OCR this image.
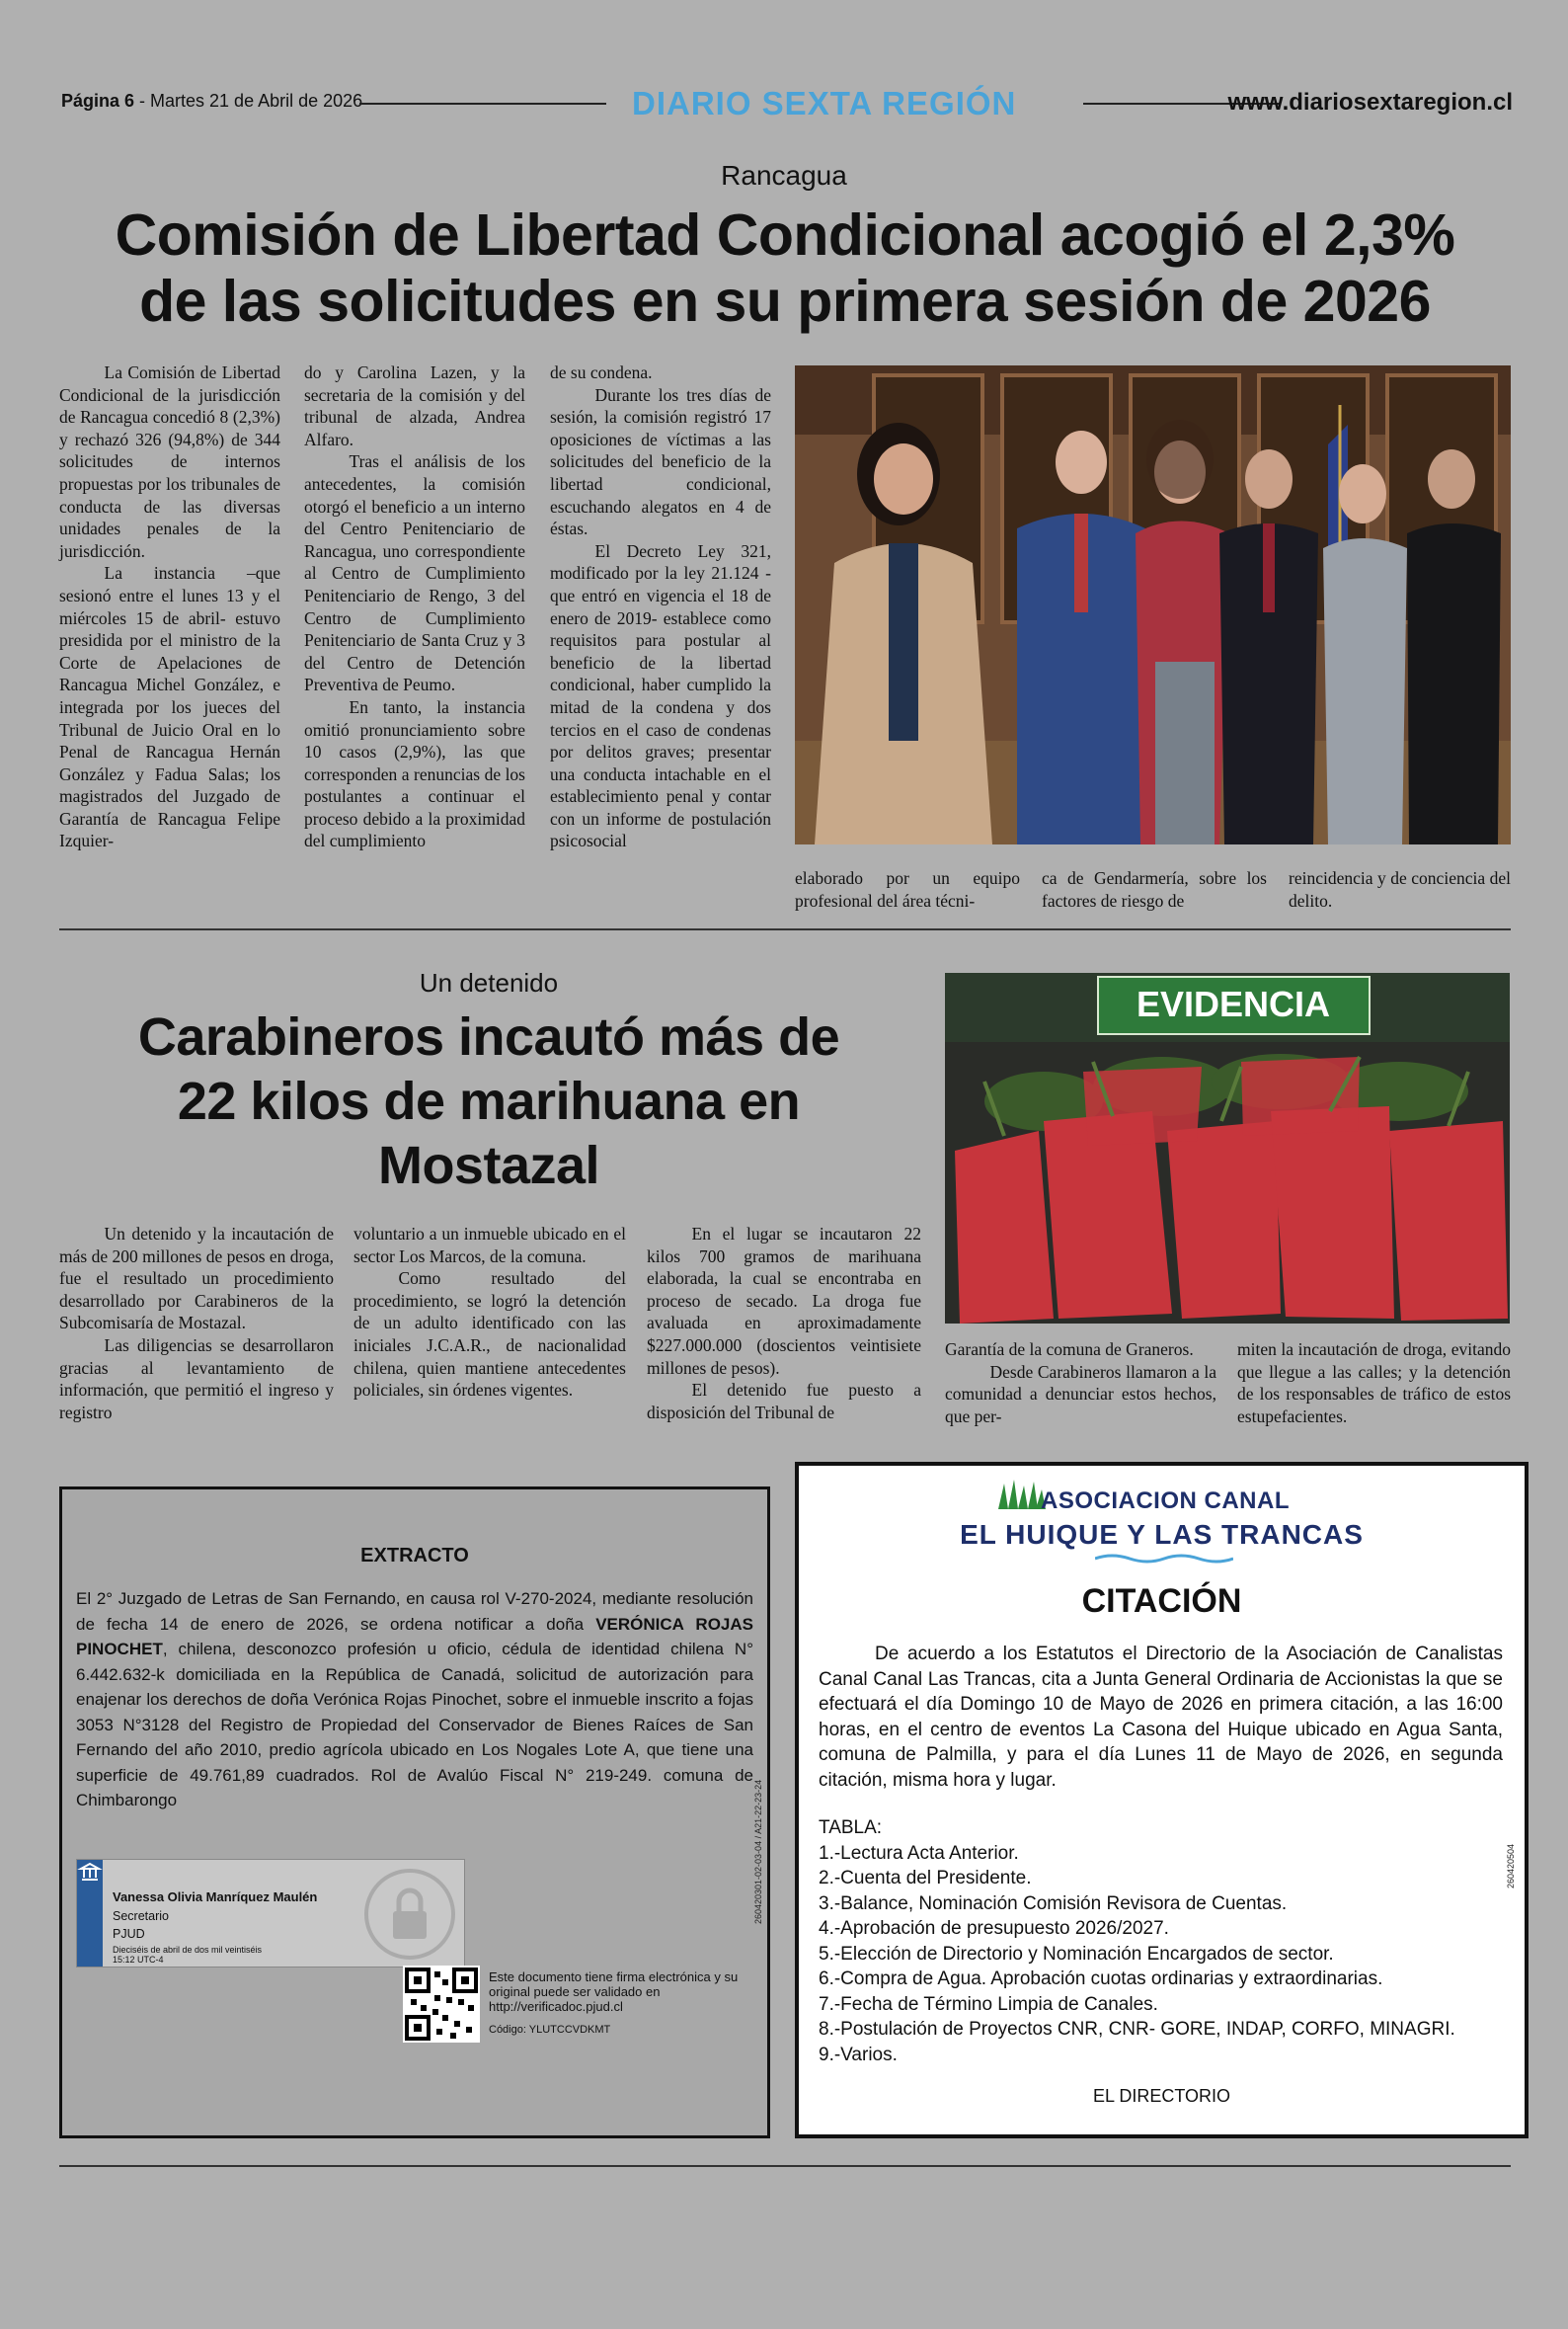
Página 6 - Martes 21 de Abril de 2026	DIARIO SEXTA REGIÓN	www.diariosextaregion.cl
Rancagua
Comisión de Libertad Condicional acogió el 2,3%
de las solicitudes en su primera sesión de 2026

La Comisión de Libertad Condicional de la jurisdicción de Rancagua concedió 8 (2,3%) y rechazó 326 (94,8%) de 344 solicitudes de internos propuestas por los tribunales de conducta de las diversas unidades penales de la jurisdicción.

La instancia –que sesionó entre el lunes 13 y el miércoles 15 de abril- estuvo presidida por el ministro de la Corte de Apelaciones de Rancagua Michel González, e integrada por los jueces del Tribunal de Juicio Oral en lo Penal de Rancagua Hernán González y Fadua Salas; los magistrados del Juzgado de Garantía de Rancagua Felipe Izquier-

do y Carolina Lazen, y la secretaria de la comisión y del tribunal de alzada, Andrea Alfaro.

Tras el análisis de los antecedentes, la comisión otorgó el beneficio a un interno del Centro Penitenciario de Rancagua, uno correspondiente al Centro de Cumplimiento Penitenciario de Rengo, 3 del Centro de Cumplimiento Penitenciario de Santa Cruz y 3 del Centro de Detención Preventiva de Peumo.

En tanto, la instancia omitió pronunciamiento sobre 10 casos (2,9%), las que corresponden a renuncias de los postulantes a continuar el proceso debido a la proximidad del cumplimiento

de su condena.

Durante los tres días de sesión, la comisión registró 17 oposiciones de víctimas a las solicitudes del beneficio de la libertad condicional, escuchando alegatos en 4 de éstas.

El Decreto Ley 321, modificado por la ley 21.124 -que entró en vigencia el 18 de enero de 2019- establece como requisitos para postular al beneficio de la libertad condicional, haber cumplido la mitad de la condena y dos tercios en el caso de condenas por delitos graves; presentar una conducta intachable en el establecimiento penal y contar con un informe de postulación psicosocial

elaborado por un equipo profesional del área técni-

ca de Gendarmería, sobre los factores de riesgo de

reincidencia y de conciencia del delito.

Un detenido
Carabineros incautó más de
22 kilos de marihuana en
Mostazal
EVIDENCIA

Un detenido y la incautación de más de 200 millones de pesos en droga, fue el resultado un procedimiento desarrollado por Carabineros de la Subcomisaría de Mostazal.

Las diligencias se desarrollaron gracias al levantamiento de información, que permitió el ingreso y registro

voluntario a un inmueble ubicado en el sector Los Marcos, de la comuna.

Como resultado del procedimiento, se logró la detención de un adulto identificado con las iniciales J.C.A.R., de nacionalidad chilena, quien mantiene antecedentes policiales, sin órdenes vigentes.

En el lugar se incautaron 22 kilos 700 gramos de marihuana elaborada, la cual se encontraba en proceso de secado. La droga fue avaluada en aproximadamente $227.000.000 (doscientos veintisiete millones de pesos).

El detenido fue puesto a disposición del Tribunal de

Garantía de la comuna de Graneros.

Desde Carabineros llamaron a la comunidad a denunciar estos hechos, que per-

miten la incautación de droga, evitando que llegue a las calles; y la detención de los responsables de tráfico de estos estupefacientes.

EXTRACTO
El 2° Juzgado de Letras de San Fernando, en causa rol V-270-2024, mediante resolución de fecha 14 de enero de 2026, se ordena notificar a doña VERÓNICA ROJAS PINOCHET, chilena, desconozco profesión u oficio, cédula de identidad chilena N° 6.442.632-k domiciliada en la República de Canadá, solicitud de autorización para enajenar los derechos de doña Verónica Rojas Pinochet, sobre el inmueble inscrito a fojas 3053 N°3128 del Registro de Propiedad del Conservador de Bienes Raíces de San Fernando del año 2010, predio agrícola ubicado en Los Nogales Lote A, que tiene una superficie de 49.761,89 cuadrados. Rol de Avalúo Fiscal N° 219-249. comuna de Chimbarongo
Vanessa Olivia Manríquez Maulén
Secretario
PJUD
Dieciséis de abril de dos mil veintiséis
15:12 UTC-4
Este documento tiene firma electrónica y su original puede ser validado en http://verificadoc.pjud.cl
Código: YLUTCCVDKMT
260420301-02-03-04 / A21-22-23-24
ASOCIACION CANAL
EL HUIQUE Y LAS TRANCAS
CITACIÓN

De acuerdo a los Estatutos el Directorio de la Asociación de Canalistas Canal Canal Las Trancas, cita a Junta General Ordinaria de Accionistas la que se efectuará el día Domingo 10 de Mayo de 2026 en primera citación, a las 16:00 horas, en el centro de eventos La Casona del Huique ubicado en Agua Santa, comuna de Palmilla, y para el día Lunes 11 de Mayo de 2026, en segunda citación, misma hora y lugar.

TABLA:
1.-Lectura Acta Anterior.
2.-Cuenta del Presidente.
3.-Balance, Nominación Comisión Revisora de Cuentas.
4.-Aprobación de presupuesto 2026/2027.
5.-Elección de Directorio y Nominación Encargados de sector.
6.-Compra de Agua. Aprobación cuotas ordinarias y extraordinarias.
7.-Fecha de Término Limpia de Canales.
8.-Postulación de Proyectos CNR, CNR- GORE, INDAP, CORFO, MINAGRI.
9.-Varios.
EL DIRECTORIO
260420504
